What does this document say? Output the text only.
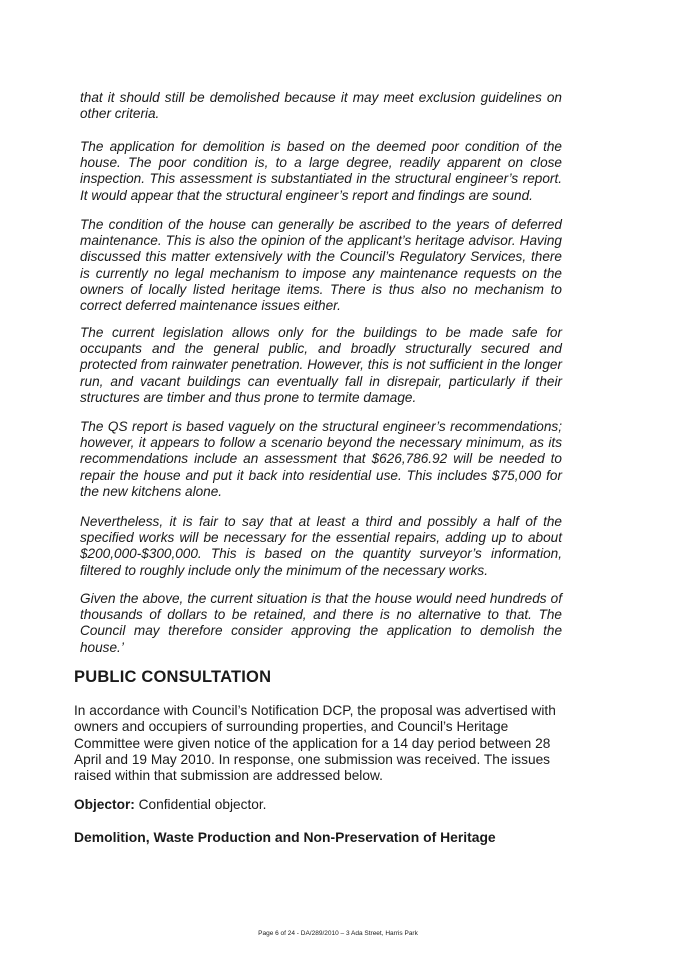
that it should still be demolished because it may meet exclusion guidelines on other criteria.

The application for demolition is based on the deemed poor condition of the house. The poor condition is, to a large degree, readily apparent on close inspection. This assessment is substantiated in the structural engineer’s report. It would appear that the structural engineer’s report and findings are sound.

The condition of the house can generally be ascribed to the years of deferred maintenance. This is also the opinion of the applicant’s heritage advisor. Having discussed this matter extensively with the Council’s Regulatory Services, there is currently no legal mechanism to impose any maintenance requests on the owners of locally listed heritage items. There is thus also no mechanism to correct deferred maintenance issues either.

The current legislation allows only for the buildings to be made safe for occupants and the general public, and broadly structurally secured and protected from rainwater penetration. However, this is not sufficient in the longer run, and vacant buildings can eventually fall in disrepair, particularly if their structures are timber and thus prone to termite damage.

The QS report is based vaguely on the structural engineer’s recommendations; however, it appears to follow a scenario beyond the necessary minimum, as its recommendations include an assessment that $626,786.92 will be needed to repair the house and put it back into residential use. This includes $75,000 for the new kitchens alone.

Nevertheless, it is fair to say that at least a third and possibly a half of the specified works will be necessary for the essential repairs, adding up to about $200,000-$300,000. This is based on the quantity surveyor’s information, filtered to roughly include only the minimum of the necessary works.

Given the above, the current situation is that the house would need hundreds of thousands of dollars to be retained, and there is no alternative to that. The Council may therefore consider approving the application to demolish the house.’

PUBLIC CONSULTATION

In accordance with Council’s Notification DCP, the proposal was advertised with owners and occupiers of surrounding properties, and Council’s Heritage Committee were given notice of the application for a 14 day period between 28 April and 19 May 2010. In response, one submission was received. The issues raised within that submission are addressed below.

Objector: Confidential objector.

Demolition, Waste Production and Non-Preservation of Heritage

Page 6 of 24 - DA/289/2010 – 3 Ada Street, Harris Park
